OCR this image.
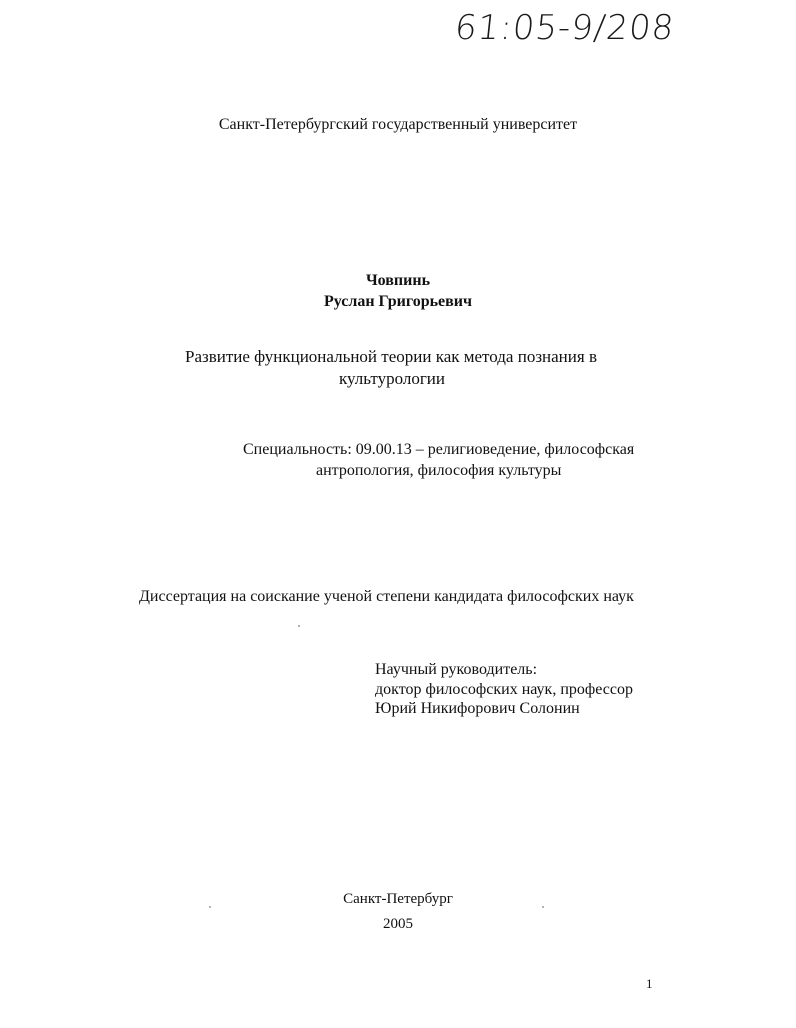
61:05-9/208
Санкт-Петербургский государственный университет
Човпинь
Руслан Григорьевич
Развитие функциональной теории как метода познания в
культурологии
Специальность: 09.00.13 – религиоведение, философская
антропология, философия культуры
Диссертация на соискание ученой степени кандидата философских наук
Научный руководитель:
доктор философских наук, профессор
Юрий Никифорович Солонин
Санкт-Петербург
2005
1
